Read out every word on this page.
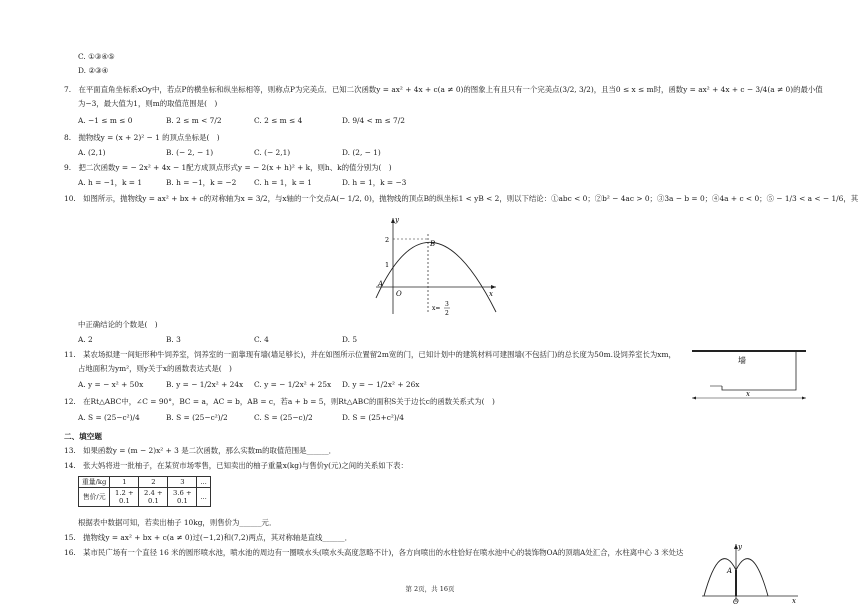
C. ①③④⑤
D. ②③④
7.　在平面直角坐标系xOy中，若点P的横坐标和纵坐标相等，则称点P为完美点．已知二次函数y = ax² + 4x + c(a ≠ 0)的图象上有且只有一个完美点(3/2, 3/2)，且当0 ≤ x ≤ m时，函数y = ax² + 4x + c − 3/4(a ≠ 0)的最小值
为−3，最大值为1，则m的取值范围是(　)
A. −1 ≤ m ≤ 0	B. 2 ≤ m < 7/2	C. 2 ≤ m ≤ 4	D. 9/4 < m ≤ 7/2
8.　抛物线y = (x + 2)² − 1 的顶点坐标是(　)
A. (2,1)	B. (− 2, − 1)	C. (− 2,1)	D. (2, − 1)
9.　把二次函数y = − 2x² + 4x − 1配方成顶点形式y = − 2(x + h)² + k，则h、k的值分别为(　)
A. h = −1，k = 1	B. h = −1，k = −2 C. h = 1，k = 1	D. h = 1，k = −3
10.　如图所示，抛物线y = ax² + bx + c的对称轴为x = 3/2，与x轴的一个交点A(− 1/2, 0)，抛物线的顶点B的纵坐标1 < yB < 2，则以下结论：①abc < 0；②b² − 4ac > 0；③3a − b = 0；④4a + c < 0；⑤ − 1/3 < a < − 1/6，其
y
x
2
1
O
A
B
x=
3
2
中正确结论的个数是(　)
A. 2	B. 3	C. 4	D. 5
11.　某农场拟建一间矩形种牛饲养室，饲养室的一面靠现有墙(墙足够长)，并在如图所示位置留2m宽的门，已知计划中的建筑材料可建围墙(不包括门)的总长度为50m.设饲养室长为xm，
占地面积为ym²，则y关于x的函数表达式是(　)
A. y = − x² + 50x	B. y = − 1/2x² + 24x C. y = − 1/2x² + 25x D. y = − 1/2x² + 26x
墙
x
12.　在Rt△ABC中，∠C = 90°，BC = a，AC = b，AB = c，若a + b = 5，则Rt△ABC的面积S关于边长c的函数关系式为(　)
A. S = (25−c²)/4	B. S = (25−c²)/2	C. S = (25−c)/2	D. S = (25+c²)/4
二、填空题
13.　如果函数y = (m − 2)x² + 3 是二次函数，那么实数m的取值范围是______．
14.　张大妈将进一批柚子，在某贸市场零售，已知卖出的柚子重量x(kg)与售价y(元)之间的关系如下表：
重量/kg	1	2	3	...
售价/元	1.2 + 0.1	2.4 + 0.1	3.6 + 0.1	...
根据表中数据可知，若卖出柚子 10kg，则售价为______元．
15.　抛物线y = ax² + bx + c(a ≠ 0)过(−1,2)和(7,2)两点，其对称轴是直线______．
16.　某市民广场有一个直径 16 米的圆形喷水池，喷水池的周边有一圈喷水头(喷水头高度忽略不计)，各方向喷出的水柱恰好在喷水池中心的装饰物OA的顶端A处汇合，水柱离中心 3 米处达
y
A
O	x
第 2页，共 16页
